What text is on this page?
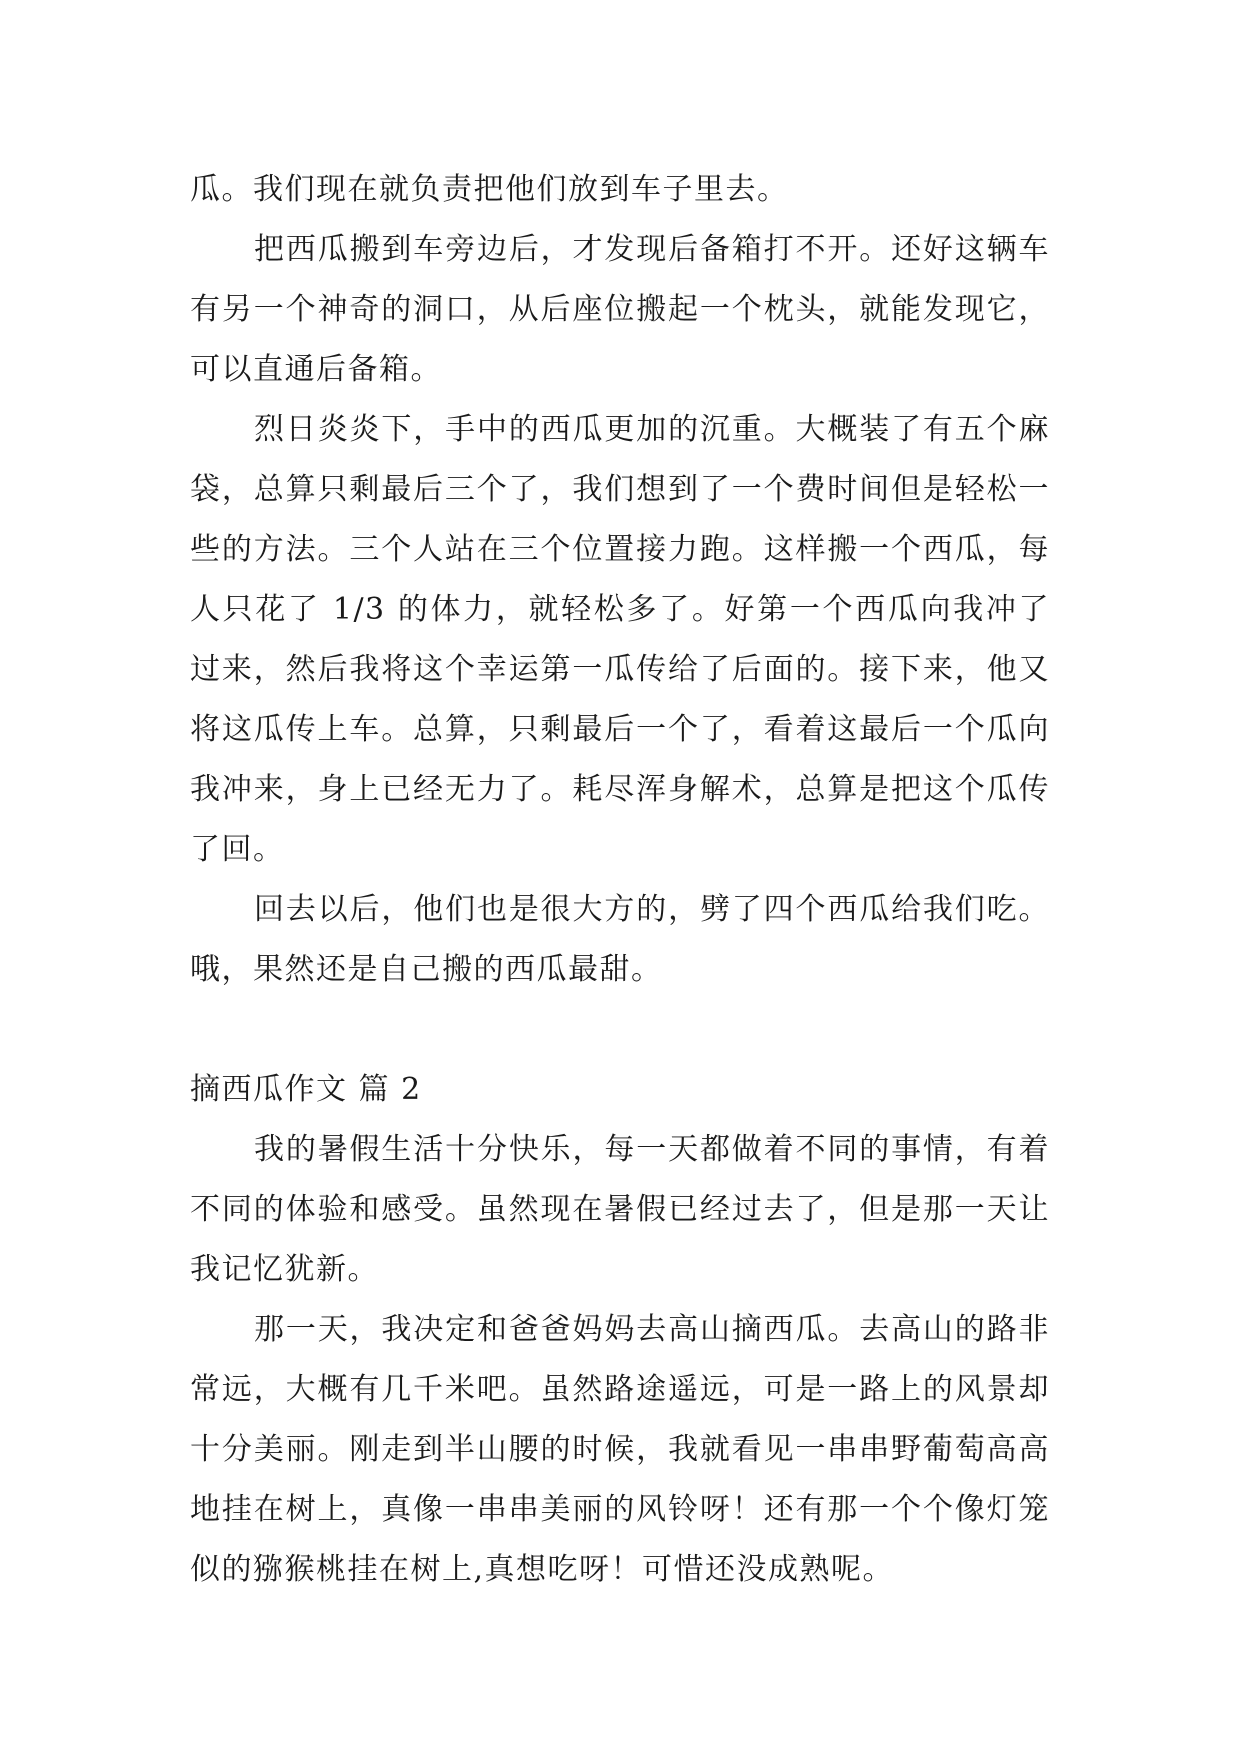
瓜。我们现在就负责把他们放到车子里去。

把西瓜搬到车旁边后，才发现后备箱打不开。还好这辆车有另一个神奇的洞口，从后座位搬起一个枕头，就能发现它，可以直通后备箱。

烈日炎炎下，手中的西瓜更加的沉重。大概装了有五个麻袋，总算只剩最后三个了，我们想到了一个费时间但是轻松一些的方法。三个人站在三个位置接力跑。这样搬一个西瓜，每人只花了 1/3 的体力，就轻松多了。好第一个西瓜向我冲了过来，然后我将这个幸运第一瓜传给了后面的。接下来，他又将这瓜传上车。总算，只剩最后一个了，看着这最后一个瓜向我冲来，身上已经无力了。耗尽浑身解术，总算是把这个瓜传了回。

回去以后，他们也是很大方的，劈了四个西瓜给我们吃。哦，果然还是自己搬的西瓜最甜。

摘西瓜作文 篇 2

我的暑假生活十分快乐，每一天都做着不同的事情，有着不同的体验和感受。虽然现在暑假已经过去了，但是那一天让我记忆犹新。

那一天，我决定和爸爸妈妈去高山摘西瓜。去高山的路非常远，大概有几千米吧。虽然路途遥远，可是一路上的风景却十分美丽。刚走到半山腰的时候，我就看见一串串野葡萄高高地挂在树上，真像一串串美丽的风铃呀！还有那一个个像灯笼似的猕猴桃挂在树上,真想吃呀！可惜还没成熟呢。
